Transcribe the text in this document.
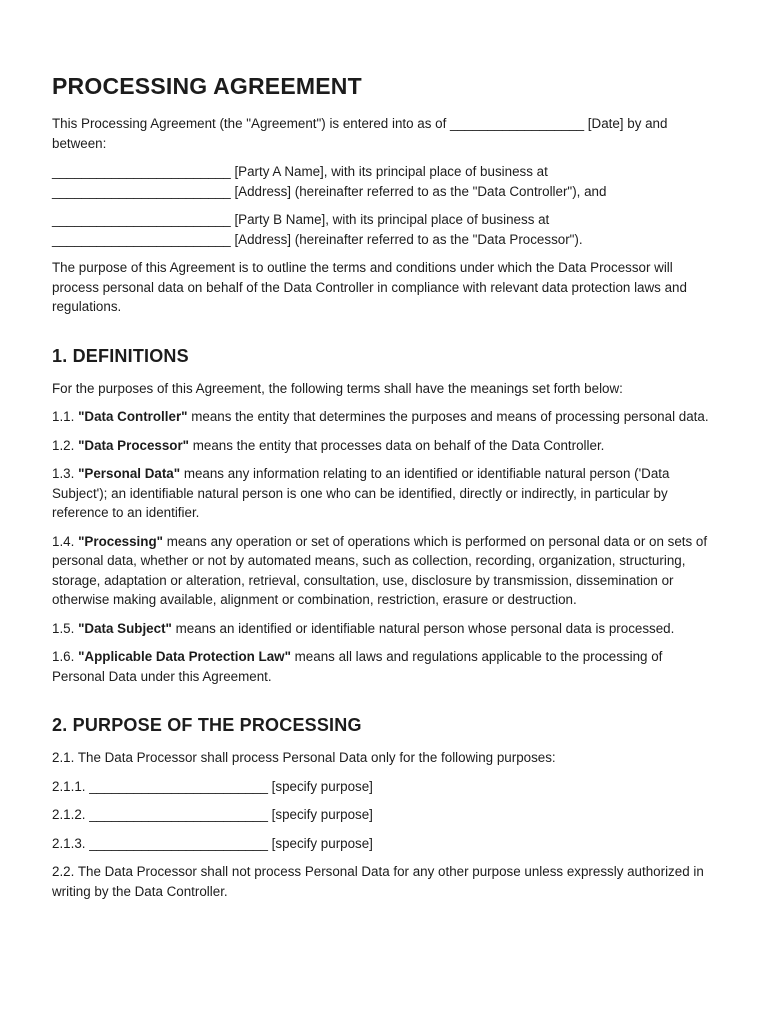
PROCESSING AGREEMENT

This Processing Agreement (the "Agreement") is entered into as of __________________ [Date] by and between:

________________________ [Party A Name], with its principal place of business at
________________________ [Address] (hereinafter referred to as the "Data Controller"), and

________________________ [Party B Name], with its principal place of business at
________________________ [Address] (hereinafter referred to as the "Data Processor").

The purpose of this Agreement is to outline the terms and conditions under which the Data Processor will process personal data on behalf of the Data Controller in compliance with relevant data protection laws and regulations.

1. DEFINITIONS

For the purposes of this Agreement, the following terms shall have the meanings set forth below:

1.1. "Data Controller" means the entity that determines the purposes and means of processing personal data.

1.2. "Data Processor" means the entity that processes data on behalf of the Data Controller.

1.3. "Personal Data" means any information relating to an identified or identifiable natural person ('Data Subject'); an identifiable natural person is one who can be identified, directly or indirectly, in particular by reference to an identifier.

1.4. "Processing" means any operation or set of operations which is performed on personal data or on sets of personal data, whether or not by automated means, such as collection, recording, organization, structuring, storage, adaptation or alteration, retrieval, consultation, use, disclosure by transmission, dissemination or otherwise making available, alignment or combination, restriction, erasure or destruction.

1.5. "Data Subject" means an identified or identifiable natural person whose personal data is processed.

1.6. "Applicable Data Protection Law" means all laws and regulations applicable to the processing of Personal Data under this Agreement.

2. PURPOSE OF THE PROCESSING

2.1. The Data Processor shall process Personal Data only for the following purposes:

2.1.1. ________________________ [specify purpose]

2.1.2. ________________________ [specify purpose]

2.1.3. ________________________ [specify purpose]

2.2. The Data Processor shall not process Personal Data for any other purpose unless expressly authorized in writing by the Data Controller.
